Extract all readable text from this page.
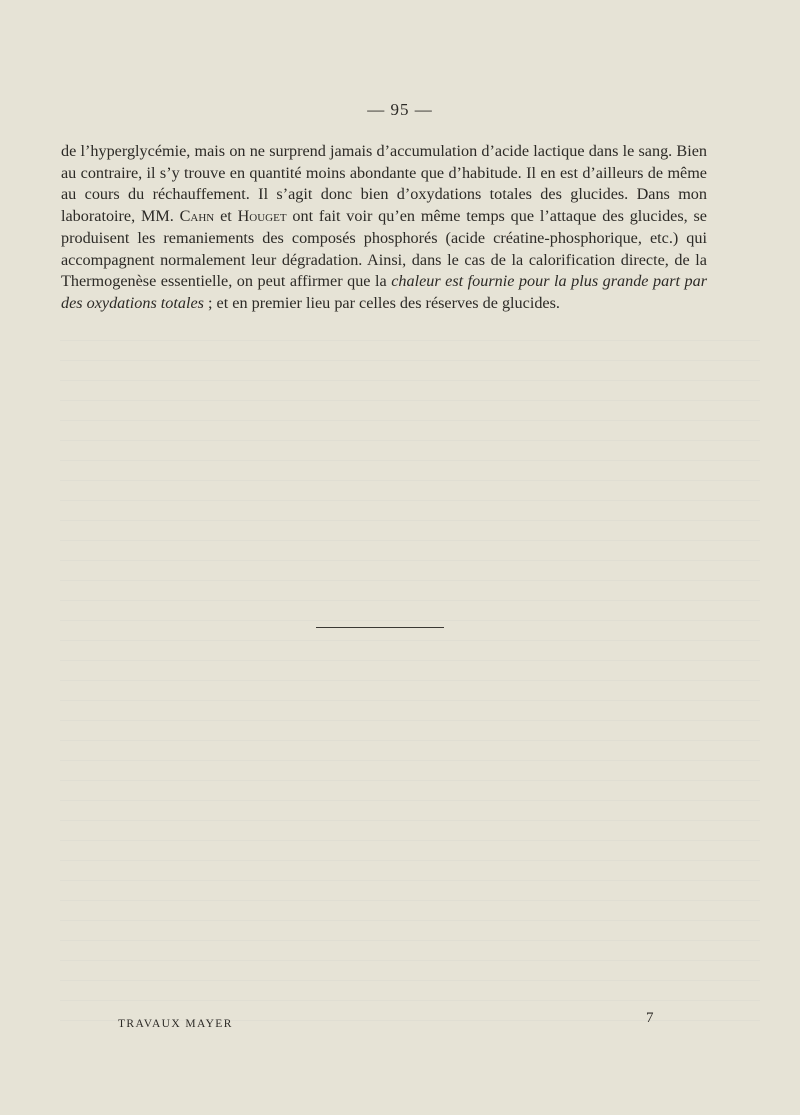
— 95 —

de l’hyperglycémie, mais on ne surprend jamais d’accumulation d’acide lactique dans le sang. Bien au contraire, il s’y trouve en quantité moins abondante que d’habitude. Il en est d’ailleurs de même au cours du réchauffement. Il s’agit donc bien d’oxydations totales des glucides. Dans mon laboratoire, MM. Cahn et Houget ont fait voir qu’en même temps que l’attaque des glucides, se produisent les remaniements des composés phosphorés (acide créatine-phosphorique, etc.) qui accompagnent normalement leur dégradation. Ainsi, dans le cas de la calorification directe, de la Thermogenèse essentielle, on peut affirmer que la chaleur est fournie pour la plus grande part par des oxydations totales ; et en premier lieu par celles des réserves de glucides.

TRAVAUX MAYER	7
